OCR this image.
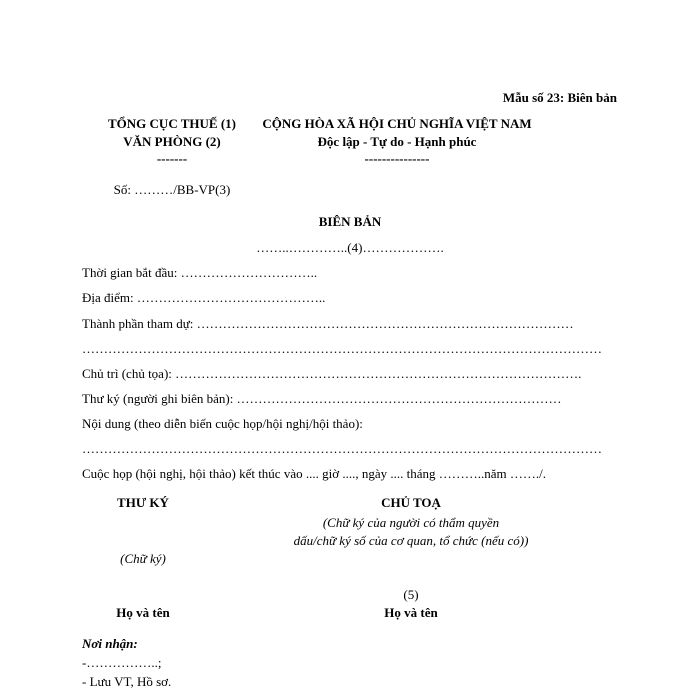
Mẫu số 23: Biên bản
TỔNG CỤC THUẾ (1)
VĂN PHÒNG (2)
-------
CỘNG HÒA XÃ HỘI CHỦ NGHĨA VIỆT NAM
Độc lập - Tự do - Hạnh phúc
---------------
Số: ………/BB-VP(3)
BIÊN BẢN
……..…………..(4)……………….
Thời gian bắt đầu: …………………………..
Địa điểm: ……………………………………..
Thành phần tham dự: ……………………………………………………………………………
…………………………………………………………………………………………………………
Chủ trì (chủ tọa): ………………………………………………………………………………….
Thư ký (người ghi biên bản): …………………………………………………………………
Nội dung (theo diễn biến cuộc họp/hội nghị/hội thảo):
…………………………………………………………………………………………………………
Cuộc họp (hội nghị, hội thảo) kết thúc vào .... giờ ...., ngày .... tháng ………..năm ……./.
THƯ KÝ
(Chữ ký)
Họ và tên
CHỦ TOẠ
(Chữ ký của người có thẩm quyền
dấu/chữ ký số của cơ quan, tổ chức (nếu có))
(5)
Họ và tên
Nơi nhận:
-……………..;
- Lưu VT, Hồ sơ.
